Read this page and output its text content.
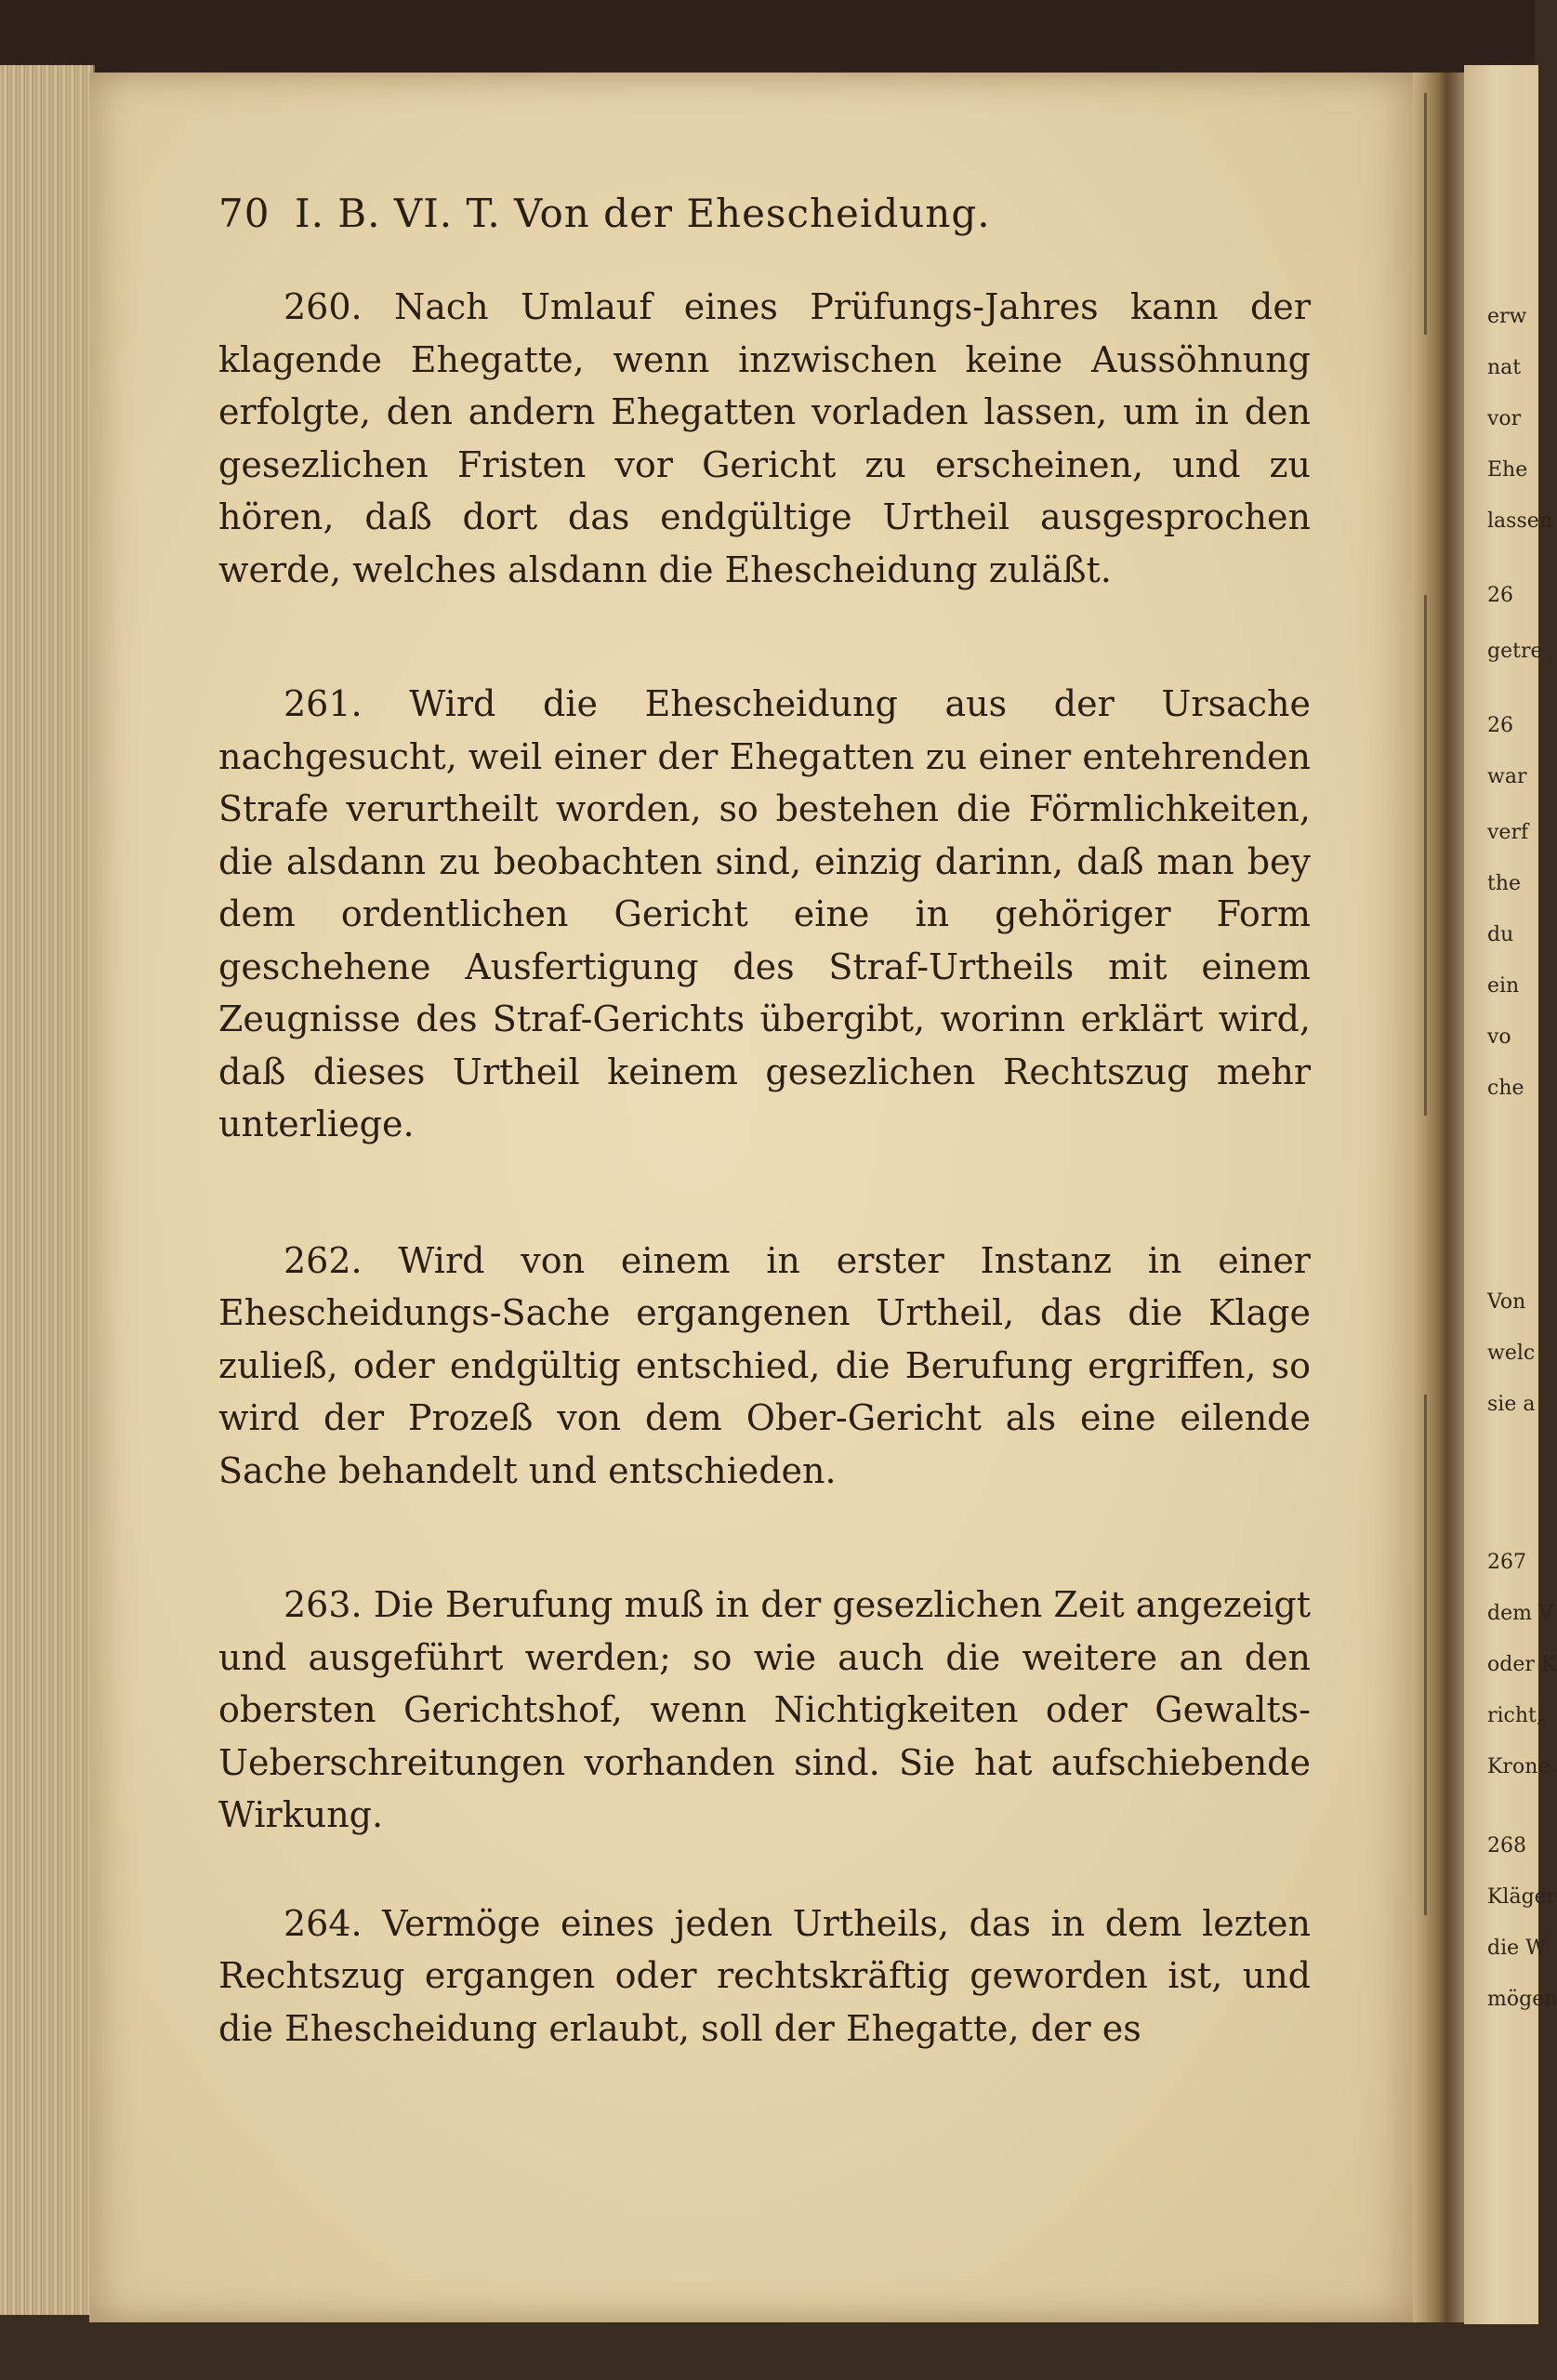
erw
nat
vor
Ehe
lassen
26
getre
26
war
verf
the
du
ein
vo
che
Von
welc
sie a
267
dem V
oder K
richt,
Krone
268
Kläger
die W
mögen
70 I. B. VI. T. Von der Ehescheidung.

260. Nach Umlauf eines Prüfungs-Jahres kann der klagende Ehegatte, wenn inzwischen keine Aussöhnung erfolgte, den andern Ehegatten vorladen lassen, um in den gesezlichen Fristen vor Gericht zu erscheinen, und zu hören, daß dort das endgültige Urtheil ausgesprochen werde, welches alsdann die Ehescheidung zuläßt.

261. Wird die Ehescheidung aus der Ursache nachgesucht, weil einer der Ehegatten zu einer entehrenden Strafe verurtheilt worden, so bestehen die Förmlichkeiten, die alsdann zu beobachten sind, einzig darinn, daß man bey dem ordentlichen Gericht eine in gehöriger Form geschehene Ausfertigung des Straf-Urtheils mit einem Zeugnisse des Straf-Gerichts übergibt, worinn erklärt wird, daß dieses Urtheil keinem gesezlichen Rechtszug mehr unterliege.

262. Wird von einem in erster Instanz in einer Ehescheidungs-Sache ergangenen Urtheil, das die Klage zuließ, oder endgültig entschied, die Berufung ergriffen, so wird der Prozeß von dem Ober-Gericht als eine eilende Sache behandelt und entschieden.

263. Die Berufung muß in der gesezlichen Zeit angezeigt und ausgeführt werden; so wie auch die weitere an den obersten Gerichtshof, wenn Nichtigkeiten oder Gewalts-Ueberschreitungen vorhanden sind. Sie hat aufschiebende Wirkung.

264. Vermöge eines jeden Urtheils, das in dem lezten Rechtszug ergangen oder rechtskräftig geworden ist, und die Ehescheidung erlaubt, soll der Ehegatte, der es
